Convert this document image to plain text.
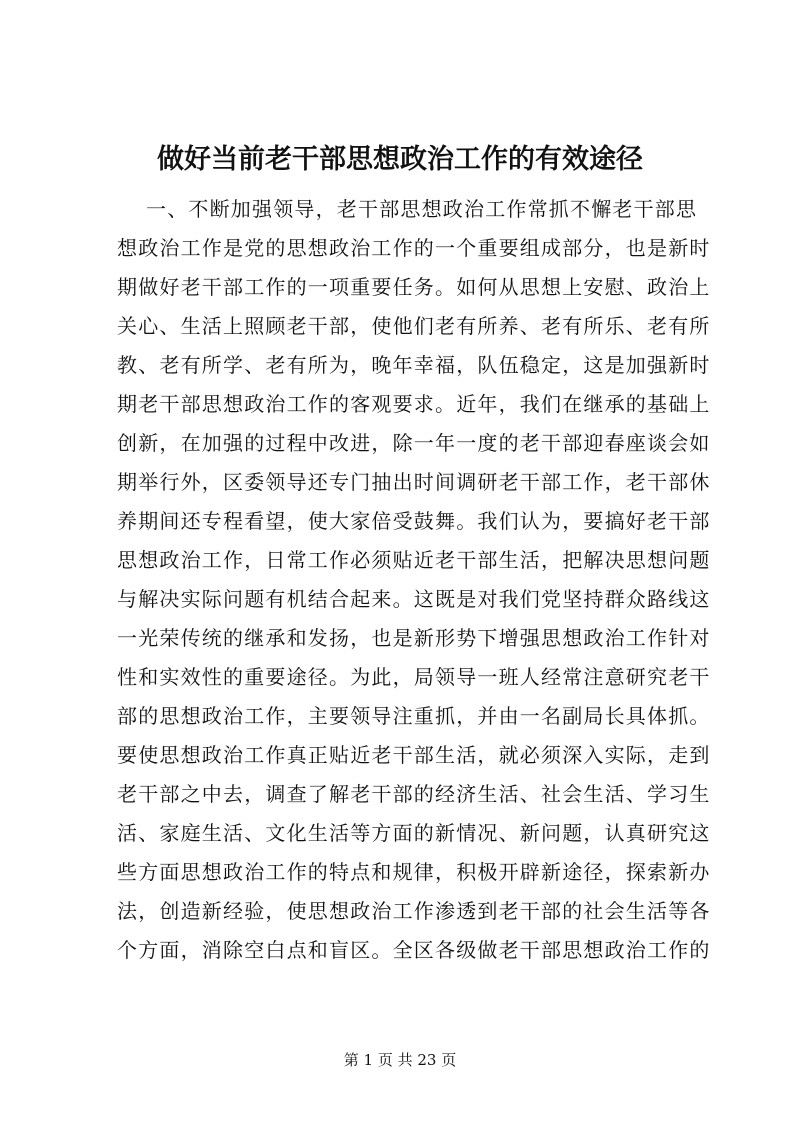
做好当前老干部思想政治工作的有效途径
一、不断加强领导，老干部思想政治工作常抓不懈老干部思
想政治工作是党的思想政治工作的一个重要组成部分，也是新时
期做好老干部工作的一项重要任务。如何从思想上安慰、政治上
关心、生活上照顾老干部，使他们老有所养、老有所乐、老有所
教、老有所学、老有所为，晚年幸福，队伍稳定，这是加强新时
期老干部思想政治工作的客观要求。近年，我们在继承的基础上
创新，在加强的过程中改进，除一年一度的老干部迎春座谈会如
期举行外，区委领导还专门抽出时间调研老干部工作，老干部休
养期间还专程看望，使大家倍受鼓舞。我们认为，要搞好老干部
思想政治工作，日常工作必须贴近老干部生活，把解决思想问题
与解决实际问题有机结合起来。这既是对我们党坚持群众路线这
一光荣传统的继承和发扬，也是新形势下增强思想政治工作针对
性和实效性的重要途径。为此，局领导一班人经常注意研究老干
部的思想政治工作，主要领导注重抓，并由一名副局长具体抓。
要使思想政治工作真正贴近老干部生活，就必须深入实际，走到
老干部之中去，调查了解老干部的经济生活、社会生活、学习生
活、家庭生活、文化生活等方面的新情况、新问题，认真研究这
些方面思想政治工作的特点和规律，积极开辟新途径，探索新办
法，创造新经验，使思想政治工作渗透到老干部的社会生活等各
个方面，消除空白点和盲区。全区各级做老干部思想政治工作的
第 1 页 共 23 页
